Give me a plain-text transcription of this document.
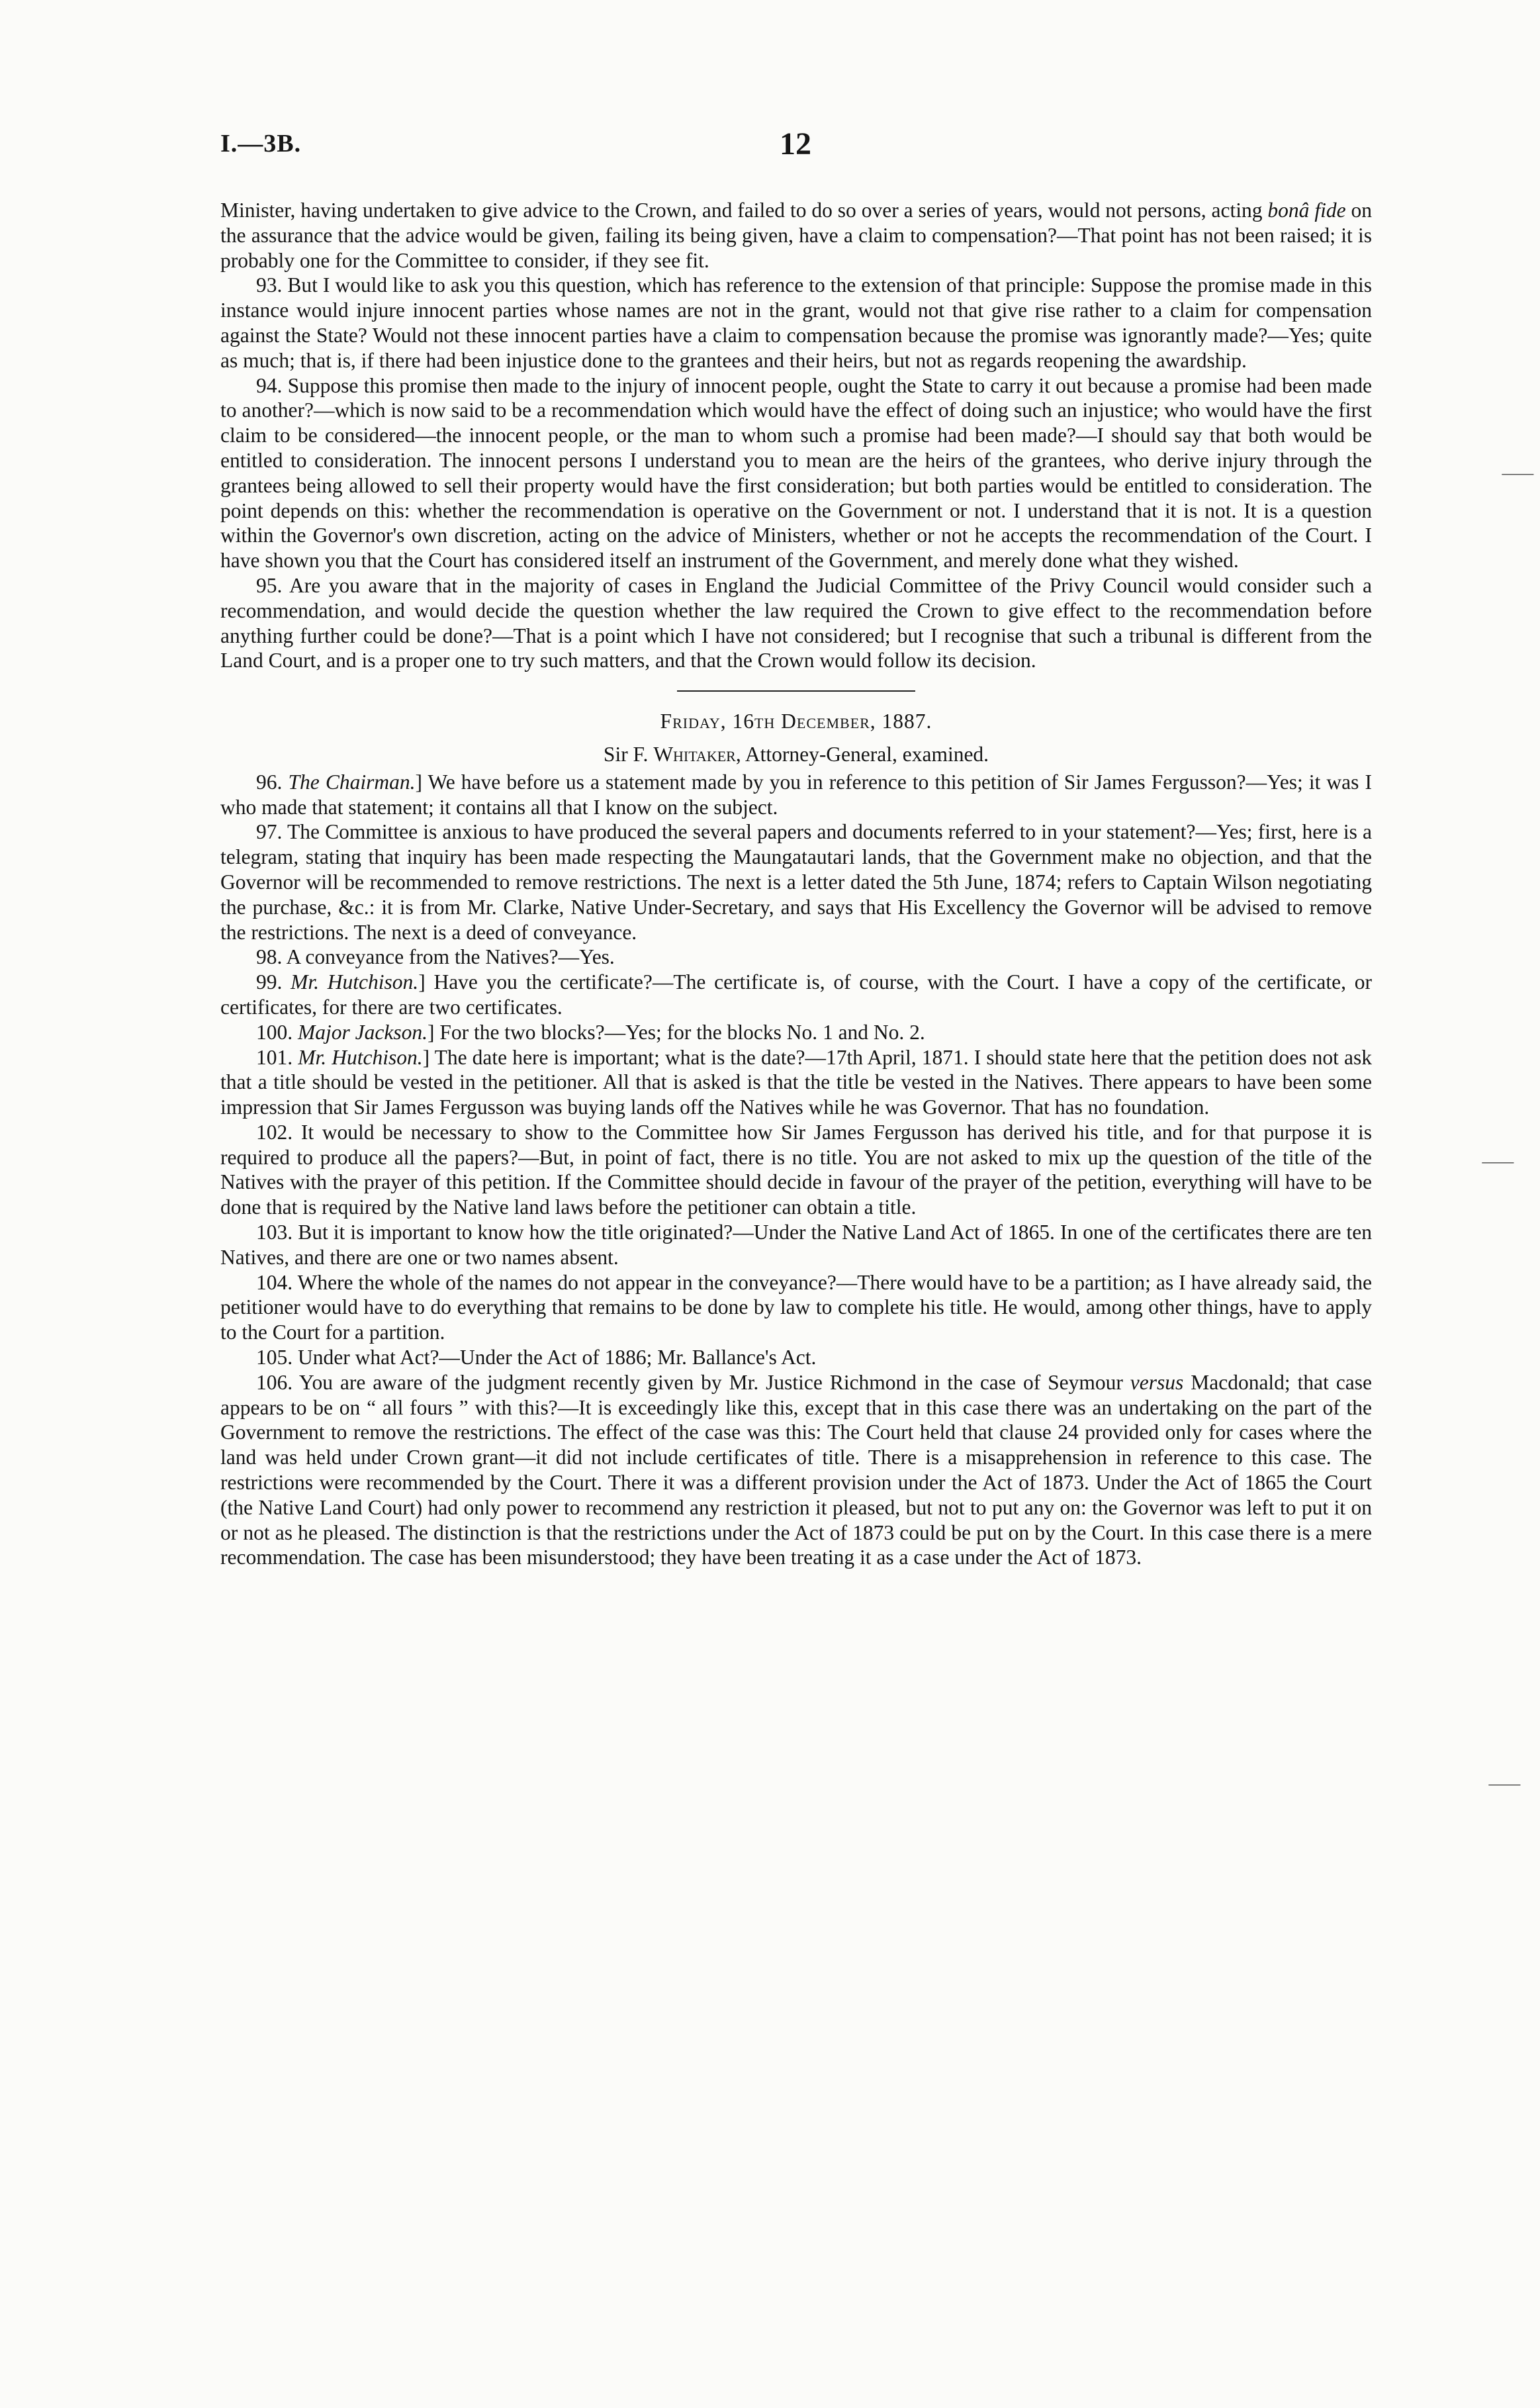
⸺
⸺
⸺
I.—3B.	12

Minister, having undertaken to give advice to the Crown, and failed to do so over a series of years, would not persons, acting bonâ fide on the assurance that the advice would be given, failing its being given, have a claim to compensation?—That point has not been raised; it is probably one for the Committee to consider, if they see fit.

93. But I would like to ask you this question, which has reference to the extension of that principle: Suppose the promise made in this instance would injure innocent parties whose names are not in the grant, would not that give rise rather to a claim for compensation against the State? Would not these innocent parties have a claim to compensation because the promise was ignorantly made?—Yes; quite as much; that is, if there had been injustice done to the grantees and their heirs, but not as regards reopening the awardship.

94. Suppose this promise then made to the injury of innocent people, ought the State to carry it out because a promise had been made to another?—which is now said to be a recommendation which would have the effect of doing such an injustice; who would have the first claim to be considered—the innocent people, or the man to whom such a promise had been made?—I should say that both would be entitled to consideration. The innocent persons I understand you to mean are the heirs of the grantees, who derive injury through the grantees being allowed to sell their property would have the first consideration; but both parties would be entitled to consideration. The point depends on this: whether the recommendation is operative on the Government or not. I understand that it is not. It is a question within the Governor's own discretion, acting on the advice of Ministers, whether or not he accepts the recommendation of the Court. I have shown you that the Court has considered itself an instrument of the Government, and merely done what they wished.

95. Are you aware that in the majority of cases in England the Judicial Committee of the Privy Council would consider such a recommendation, and would decide the question whether the law required the Crown to give effect to the recommendation before anything further could be done?—That is a point which I have not considered; but I recognise that such a tribunal is different from the Land Court, and is a proper one to try such matters, and that the Crown would follow its decision.

Friday, 16th December, 1887.

Sir F. Whitaker, Attorney-General, examined.

96. The Chairman.] We have before us a statement made by you in reference to this petition of Sir James Fergusson?—Yes; it was I who made that statement; it contains all that I know on the subject.

97. The Committee is anxious to have produced the several papers and documents referred to in your statement?—Yes; first, here is a telegram, stating that inquiry has been made respecting the Maungatautari lands, that the Government make no objection, and that the Governor will be recommended to remove restrictions. The next is a letter dated the 5th June, 1874; refers to Captain Wilson negotiating the purchase, &c.: it is from Mr. Clarke, Native Under-Secretary, and says that His Excellency the Governor will be advised to remove the restrictions. The next is a deed of conveyance.

98. A conveyance from the Natives?—Yes.

99. Mr. Hutchison.] Have you the certificate?—The certificate is, of course, with the Court. I have a copy of the certificate, or certificates, for there are two certificates.

100. Major Jackson.] For the two blocks?—Yes; for the blocks No. 1 and No. 2.

101. Mr. Hutchison.] The date here is important; what is the date?—17th April, 1871. I should state here that the petition does not ask that a title should be vested in the petitioner. All that is asked is that the title be vested in the Natives. There appears to have been some impression that Sir James Fergusson was buying lands off the Natives while he was Governor. That has no foundation.

102. It would be necessary to show to the Committee how Sir James Fergusson has derived his title, and for that purpose it is required to produce all the papers?—But, in point of fact, there is no title. You are not asked to mix up the question of the title of the Natives with the prayer of this petition. If the Committee should decide in favour of the prayer of the petition, everything will have to be done that is required by the Native land laws before the petitioner can obtain a title.

103. But it is important to know how the title originated?—Under the Native Land Act of 1865. In one of the certificates there are ten Natives, and there are one or two names absent.

104. Where the whole of the names do not appear in the conveyance?—There would have to be a partition; as I have already said, the petitioner would have to do everything that remains to be done by law to complete his title. He would, among other things, have to apply to the Court for a partition.

105. Under what Act?—Under the Act of 1886; Mr. Ballance's Act.

106. You are aware of the judgment recently given by Mr. Justice Richmond in the case of Seymour versus Macdonald; that case appears to be on “ all fours ” with this?—It is exceedingly like this, except that in this case there was an undertaking on the part of the Government to remove the restrictions. The effect of the case was this: The Court held that clause 24 provided only for cases where the land was held under Crown grant—it did not include certificates of title. There is a misapprehension in reference to this case. The restrictions were recommended by the Court. There it was a different provision under the Act of 1873. Under the Act of 1865 the Court (the Native Land Court) had only power to recommend any restriction it pleased, but not to put any on: the Governor was left to put it on or not as he pleased. The distinction is that the restrictions under the Act of 1873 could be put on by the Court. In this case there is a mere recommendation. The case has been misunderstood; they have been treating it as a case under the Act of 1873.
